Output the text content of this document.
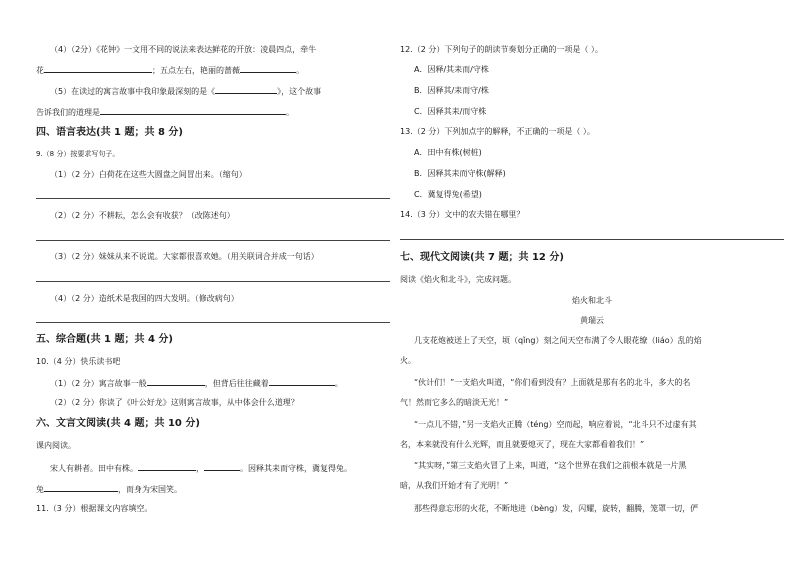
（4）（2分）《花钟》一文用不同的说法来表达鲜花的开放：凌晨四点，牵牛
花	；五点左右，艳丽的蔷薇	。
（5）在读过的寓言故事中我印象最深刻的是《	》，这个故事
告诉我们的道理是	。
四、语言表达(共 1 题；共 8 分)
9.（8 分）按要求写句子。
（1）（2 分）白荷花在这些大圆盘之间冒出来。（缩句）
（2）（2 分）不耕耘，怎么会有收获？（改陈述句）
（3）（2 分）妹妹从来不说谎。大家都很喜欢她。（用关联词合并成一句话）
（4）（2 分）造纸术是我国的四大发明。（修改病句）
五、综合题(共 1 题；共 4 分)
10.（4 分）快乐读书吧
（1）（2 分）寓言故事一般	，但背后往往藏着	。
（2）（2 分）你读了《叶公好龙》这则寓言故事，从中体会什么道理？
六、文言文阅读(共 4 题；共 10 分)
课内阅读。
宋人有耕者。田中有株。	，	。因释其耒而守株，冀复得兔。
兔	，而身为宋国笑。
11.（3 分）根据课文内容填空。
12.（2 分）下列句子的朗读节奏划分正确的一项是（ ）。
A．因释/其耒而/守株
B．因释其/耒而守/株
C．因释其耒/而守株
13.（2 分）下列加点字的解释，不正确的一项是（ ）。
A．田中有株(树桩)
B．因释其耒而守株(解释)
C．冀复得兔(希望)
14.（3 分）文中的农夫错在哪里？
七、现代文阅读(共 7 题；共 12 分)
阅读《焰火和北斗》，完成问题。
焰火和北斗
黄瑞云
几支花炮被送上了天空，顷（qǐng）刻之间天空布满了令人眼花缭（liáo）乱的焰
火。
“伙计们！”一支焰火叫道，“你们看到没有？上面就是那有名的北斗，多大的名
气！然而它多么的暗淡无光！”
“一点儿不错，”另一支焰火正腾（téng）空而起，响应着说，“北斗只不过虚有其
名，本来就没有什么光辉，而且就要熄灭了，现在大家都看着我们！”
“其实呀，”第三支焰火冒了上来，叫道，“这个世界在我们之前根本就是一片黑
暗，从我们开始才有了光明！”
那些得意忘形的火花，不断地进（bèng）发，闪耀，旋转，翻腾，笼罩一切，俨
